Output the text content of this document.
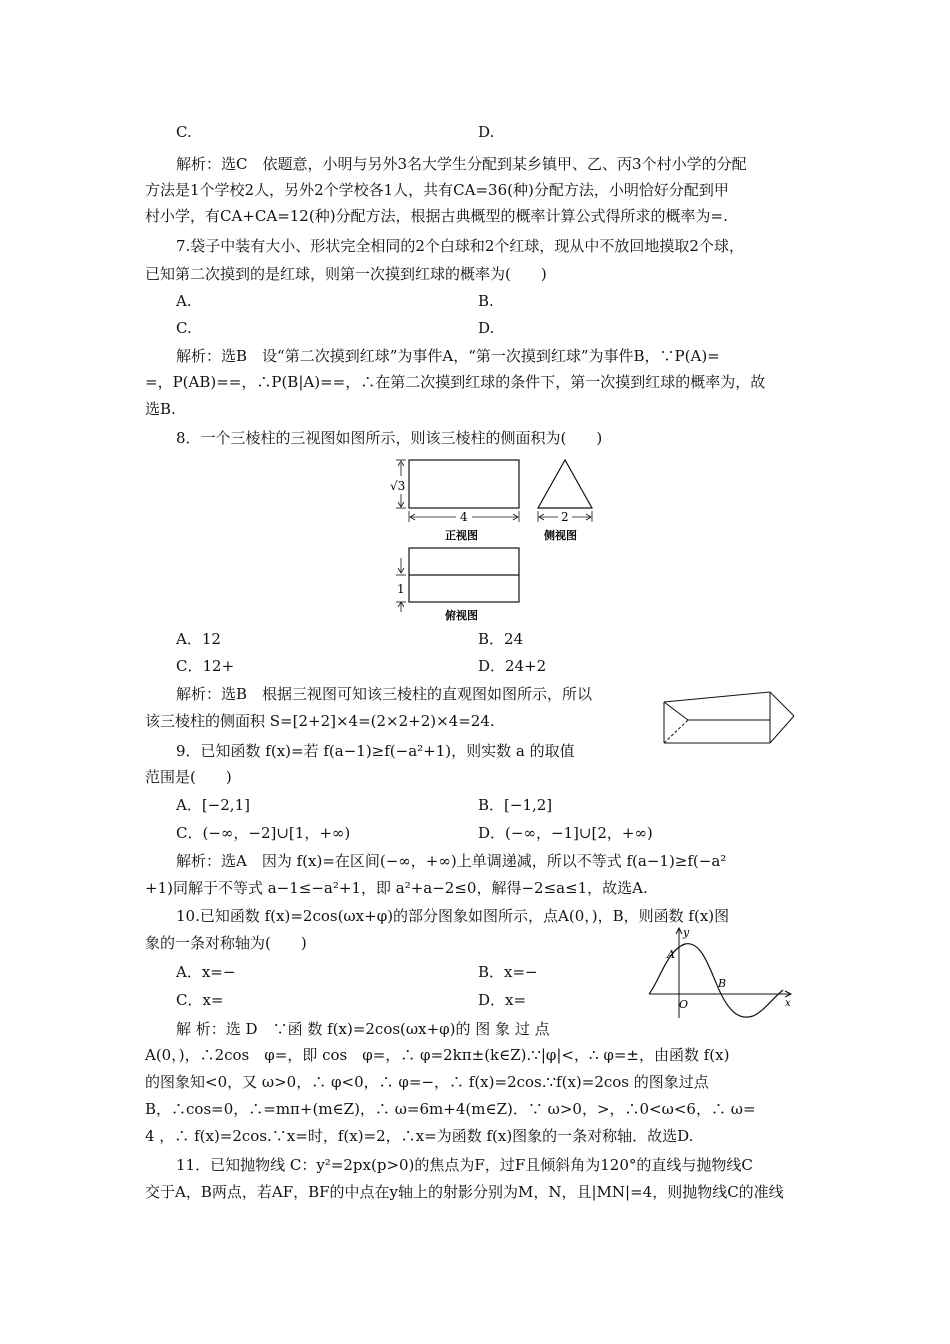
C.	D.
解析：选C　依题意，小明与另外3名大学生分配到某乡镇甲、乙、丙3个村小学的分配
方法是1个学校2人，另外2个学校各1人，共有CA=36(种)分配方法，小明恰好分配到甲
村小学，有CA+CA=12(种)分配方法，根据古典概型的概率计算公式得所求的概率为=.
7.袋子中装有大小、形状完全相同的2个白球和2个红球，现从中不放回地摸取2个球，
已知第二次摸到的是红球，则第一次摸到红球的概率为(　　)
A.	B.
C.	D.
解析：选B　设“第二次摸到红球”为事件A，“第一次摸到红球”为事件B，∵P(A)=
=，P(AB)==，∴P(B|A)==，∴在第二次摸到红球的条件下，第一次摸到红球的概率为，故
选B.
8．一个三棱柱的三视图如图所示，则该三棱柱的侧面积为(　　)
√3
4
正视图
2
侧视图
1
俯视图
A．12	B．24
C．12+	D．24+2
解析：选B　根据三视图可知该三棱柱的直观图如图所示，所以
该三棱柱的侧面积 S=[2+2]×4=(2×2+2)×4=24.
9．已知函数 f(x)=若 f(a−1)≥f(−a²+1)，则实数 a 的取值
范围是(　　)
A．[−2,1]	B．[−1,2]
C．(−∞，−2]∪[1，+∞)	D．(−∞，−1]∪[2，+∞)
解析：选A　因为 f(x)=在区间(−∞，+∞)上单调递减，所以不等式 f(a−1)≥f(−a²
+1)同解于不等式 a−1≤−a²+1，即 a²+a−2≤0，解得−2≤a≤1，故选A.
10.已知函数 f(x)=2cos(ωx+φ)的部分图象如图所示，点A(0，)，B，则函数 f(x)图
象的一条对称轴为(　　)
A．x=−	B．x=−
C．x=	D．x=
y
A
B
O	x
解 析：选 D　∵函 数 f(x)=2cos(ωx+φ)的 图 象 过 点
A(0，)，∴2cos　φ=，即 cos　φ=，∴ φ=2kπ±(k∈Z).∵|φ|<，∴ φ=±，由函数 f(x)
的图象知<0，又 ω>0，∴ φ<0，∴ φ=−，∴ f(x)=2cos.∵f(x)=2cos 的图象过点
B，∴cos=0，∴=mπ+(m∈Z)，∴ ω=6m+4(m∈Z)．∵ ω>0，>，∴0<ω<6，∴ ω=
4 ，∴ f(x)=2cos.∵x=时，f(x)=2，∴x=为函数 f(x)图象的一条对称轴．故选D.
11．已知抛物线 C：y²=2px(p>0)的焦点为F，过F且倾斜角为120°的直线与抛物线C
交于A，B两点，若AF，BF的中点在y轴上的射影分别为M，N，且|MN|=4，则抛物线C的准线
